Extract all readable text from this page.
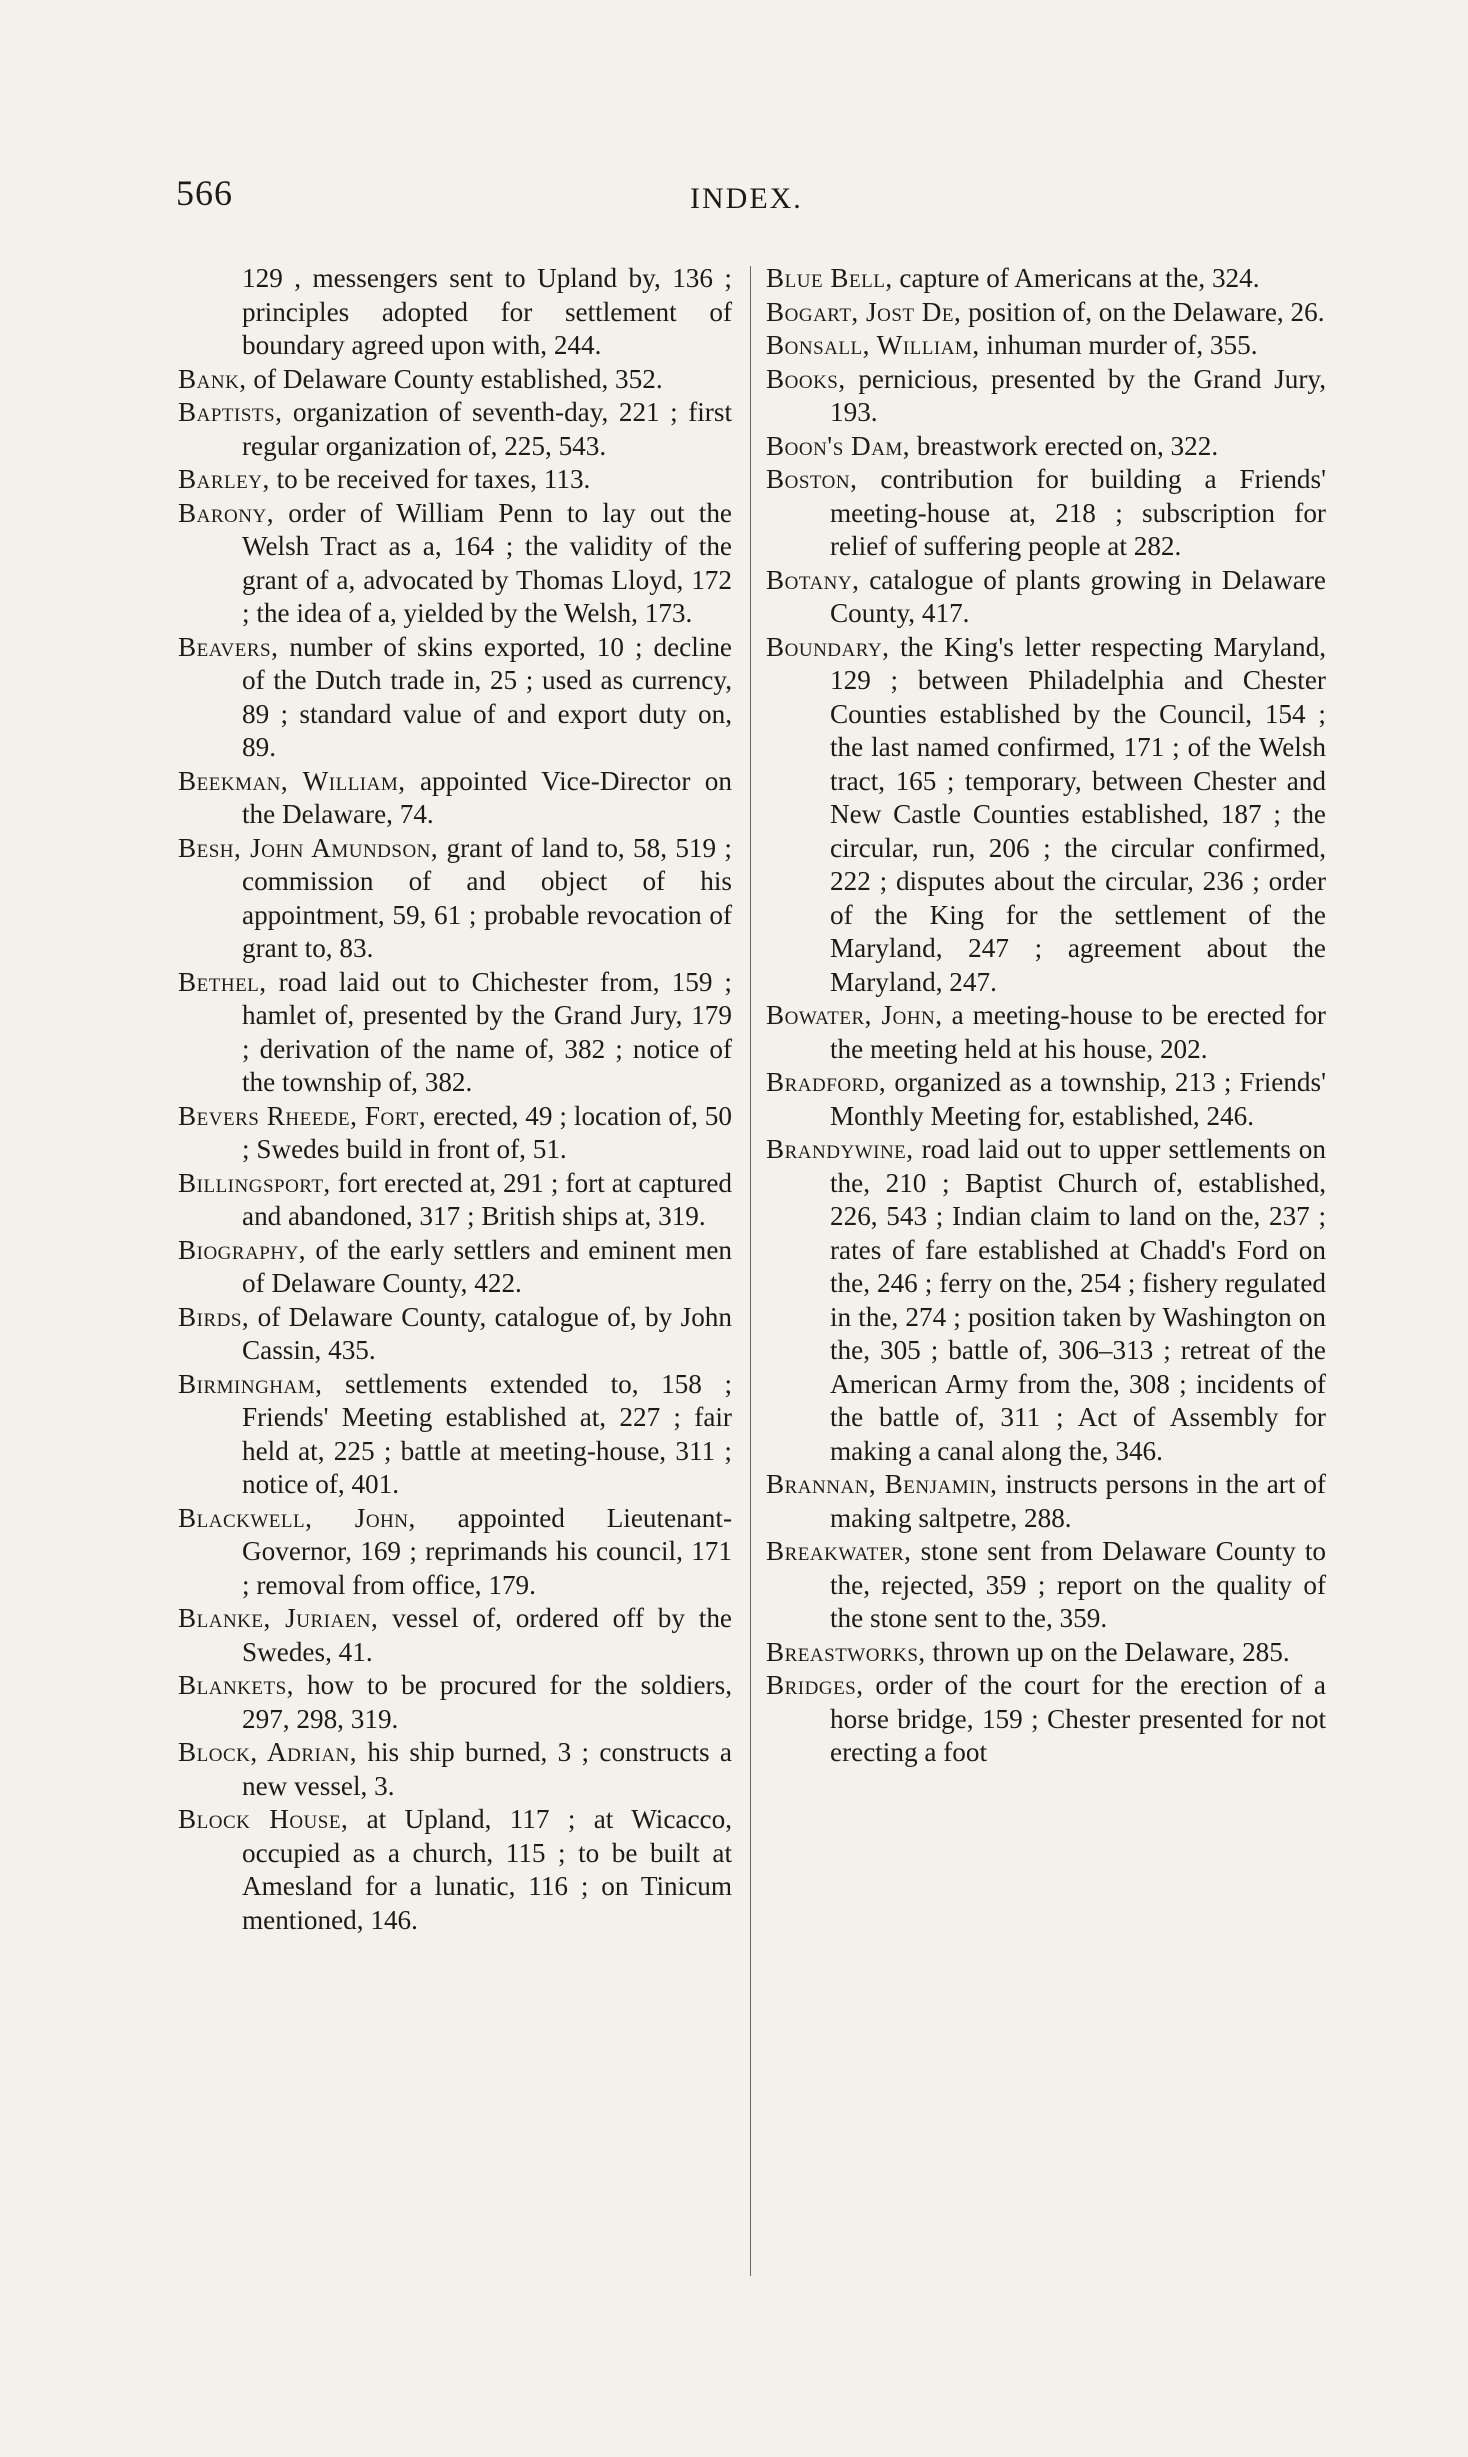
566	INDEX.

129 , messengers sent to Upland by, 136 ; principles adopted for settlement of boundary agreed upon with, 244.

Bank, of Delaware County established, 352.

Baptists, organization of seventh-day, 221 ; first regular organization of, 225, 543.

Barley, to be received for taxes, 113.

Barony, order of William Penn to lay out the Welsh Tract as a, 164 ; the validity of the grant of a, advocated by Thomas Lloyd, 172 ; the idea of a, yielded by the Welsh, 173.

Beavers, number of skins exported, 10 ; decline of the Dutch trade in, 25 ; used as currency, 89 ; standard value of and export duty on, 89.

Beekman, William, appointed Vice-Director on the Delaware, 74.

Besh, John Amundson, grant of land to, 58, 519 ; commission of and object of his appointment, 59, 61 ; probable revocation of grant to, 83.

Bethel, road laid out to Chichester from, 159 ; hamlet of, presented by the Grand Jury, 179 ; derivation of the name of, 382 ; notice of the township of, 382.

Bevers Rheede, Fort, erected, 49 ; location of, 50 ; Swedes build in front of, 51.

Billingsport, fort erected at, 291 ; fort at captured and abandoned, 317 ; British ships at, 319.

Biography, of the early settlers and eminent men of Delaware County, 422.

Birds, of Delaware County, catalogue of, by John Cassin, 435.

Birmingham, settlements extended to, 158 ; Friends' Meeting established at, 227 ; fair held at, 225 ; battle at meeting-house, 311 ; notice of, 401.

Blackwell, John, appointed Lieutenant-Governor, 169 ; reprimands his council, 171 ; removal from office, 179.

Blanke, Juriaen, vessel of, ordered off by the Swedes, 41.

Blankets, how to be procured for the soldiers, 297, 298, 319.

Block, Adrian, his ship burned, 3 ; constructs a new vessel, 3.

Block House, at Upland, 117 ; at Wicacco, occupied as a church, 115 ; to be built at Amesland for a lunatic, 116 ; on Tinicum mentioned, 146.

Blue Bell, capture of Americans at the, 324.

Bogart, Jost De, position of, on the Delaware, 26.

Bonsall, William, inhuman murder of, 355.

Books, pernicious, presented by the Grand Jury, 193.

Boon's Dam, breastwork erected on, 322.

Boston, contribution for building a Friends' meeting-house at, 218 ; subscription for relief of suffering people at 282.

Botany, catalogue of plants growing in Delaware County, 417.

Boundary, the King's letter respecting Maryland, 129 ; between Philadelphia and Chester Counties established by the Council, 154 ; the last named confirmed, 171 ; of the Welsh tract, 165 ; temporary, between Chester and New Castle Counties established, 187 ; the circular, run, 206 ; the circular confirmed, 222 ; disputes about the circular, 236 ; order of the King for the settlement of the Maryland, 247 ; agreement about the Maryland, 247.

Bowater, John, a meeting-house to be erected for the meeting held at his house, 202.

Bradford, organized as a township, 213 ; Friends' Monthly Meeting for, established, 246.

Brandywine, road laid out to upper settlements on the, 210 ; Baptist Church of, established, 226, 543 ; Indian claim to land on the, 237 ; rates of fare established at Chadd's Ford on the, 246 ; ferry on the, 254 ; fishery regulated in the, 274 ; position taken by Washington on the, 305 ; battle of, 306–313 ; retreat of the American Army from the, 308 ; incidents of the battle of, 311 ; Act of Assembly for making a canal along the, 346.

Brannan, Benjamin, instructs persons in the art of making saltpetre, 288.

Breakwater, stone sent from Delaware County to the, rejected, 359 ; report on the quality of the stone sent to the, 359.

Breastworks, thrown up on the Delaware, 285.

Bridges, order of the court for the erection of a horse bridge, 159 ; Chester presented for not erecting a foot
